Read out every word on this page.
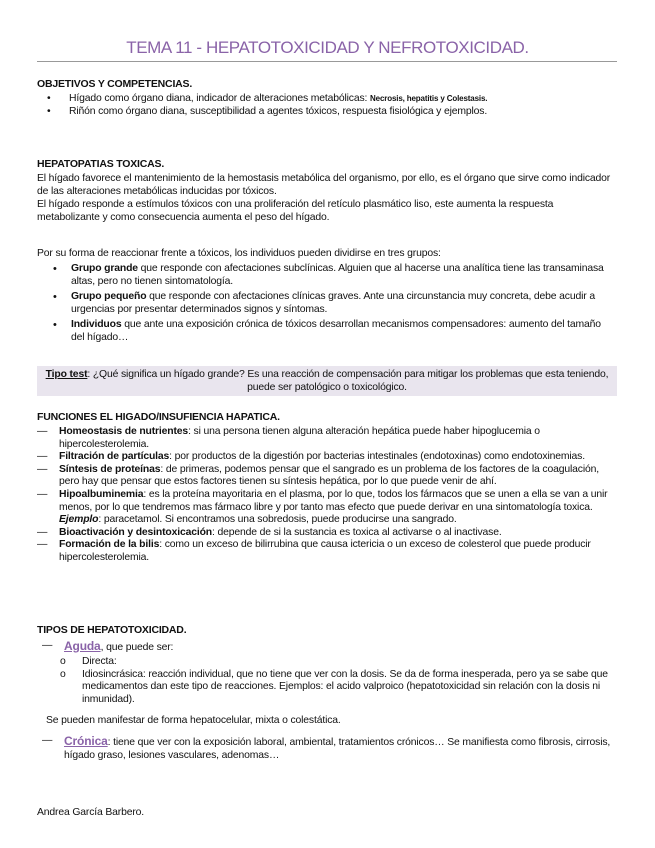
TEMA 11 - HEPATOTOXICIDAD Y NEFROTOXICIDAD.
OBJETIVOS Y COMPETENCIAS.
• Hígado como órgano diana, indicador de alteraciones metabólicas: Necrosis, hepatitis y Colestasis.
• Riñón como órgano diana, susceptibilidad a agentes tóxicos, respuesta fisiológica y ejemplos.
HEPATOPATIAS TOXICAS.
El hígado favorece el mantenimiento de la hemostasis metabólica del organismo, por ello, es el órgano que sirve como indicador de las alteraciones metabólicas inducidas por tóxicos.
El hígado responde a estímulos tóxicos con una proliferación del retículo plasmático liso, este aumenta la respuesta metabolizante y como consecuencia aumenta el peso del hígado.
Por su forma de reaccionar frente a tóxicos, los individuos pueden dividirse en tres grupos:
• Grupo grande que responde con afectaciones subclínicas. Alguien que al hacerse una analítica tiene las transaminasa altas, pero no tienen sintomatología.
• Grupo pequeño que responde con afectaciones clínicas graves. Ante una circunstancia muy concreta, debe acudir a urgencias por presentar determinados signos y síntomas.
• Individuos que ante una exposición crónica de tóxicos desarrollan mecanismos compensadores: aumento del tamaño del hígado…
Tipo test: ¿Qué significa un hígado grande? Es una reacción de compensación para mitigar los problemas que esta teniendo, puede ser patológico o toxicológico.
FUNCIONES EL HIGADO/INSUFIENCIA HAPATICA.
— Homeostasis de nutrientes: si una persona tienen alguna alteración hepática puede haber hipoglucemia o hipercolesterolemia.
— Filtración de partículas: por productos de la digestión por bacterias intestinales (endotoxinas) como endotoxinemias.
— Síntesis de proteínas: de primeras, podemos pensar que el sangrado es un problema de los factores de la coagulación, pero hay que pensar que estos factores tienen su síntesis hepática, por lo que puede venir de ahí.
— Hipoalbuminemia: es la proteína mayoritaria en el plasma, por lo que, todos los fármacos que se unen a ella se van a unir menos, por lo que tendremos mas fármaco libre y por tanto mas efecto que puede derivar en una sintomatología toxica. Ejemplo: paracetamol. Si encontramos una sobredosis, puede producirse una sangrado.
— Bioactivación y desintoxicación: depende de si la sustancia es toxica al activarse o al inactivase.
— Formación de la bilis: como un exceso de bilirrubina que causa ictericia o un exceso de colesterol que puede producir hipercolesterolemia.
TIPOS DE HEPATOTOXICIDAD.
— Aguda, que puede ser:
o Directa:
o Idiosincrásica: reacción individual, que no tiene que ver con la dosis. Se da de forma inesperada, pero ya se sabe que medicamentos dan este tipo de reacciones. Ejemplos: el acido valproico (hepatotoxicidad sin relación con la dosis ni inmunidad).
Se pueden manifestar de forma hepatocelular, mixta o colestática.
— Crónica: tiene que ver con la exposición laboral, ambiental, tratamientos crónicos… Se manifiesta como fibrosis, cirrosis, hígado graso, lesiones vasculares, adenomas…
Andrea García Barbero.
